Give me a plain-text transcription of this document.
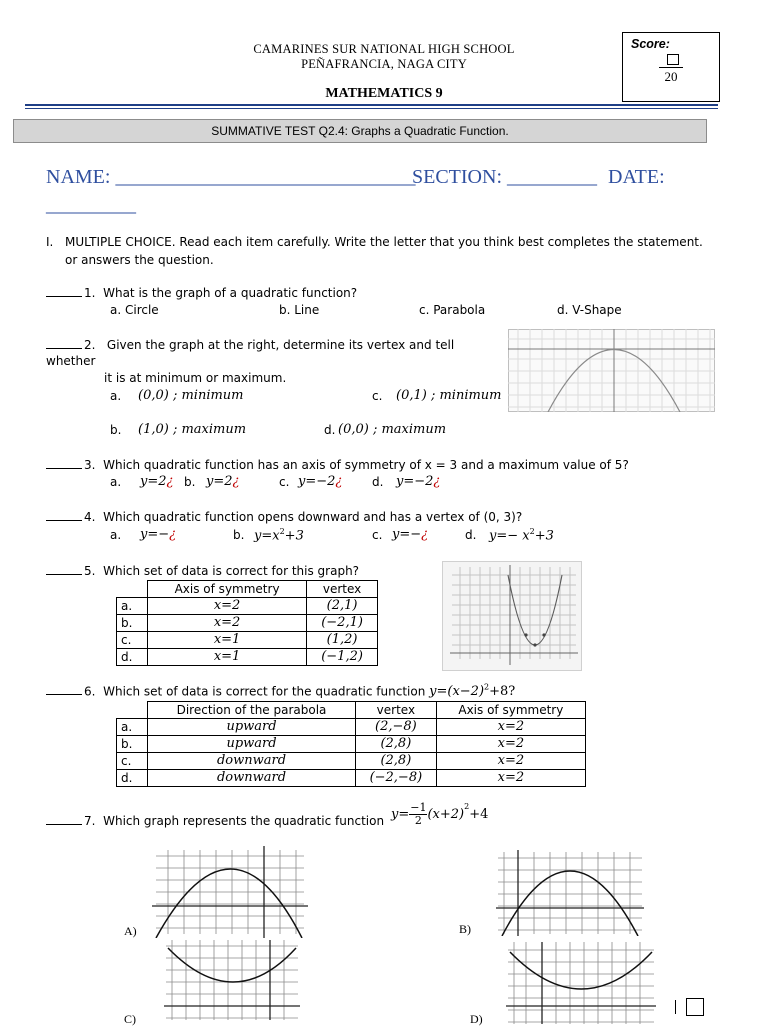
CAMARINES SUR NATIONAL HIGH SCHOOL
PEÑAFRANCIA, NAGA CITY
MATHEMATICS 9
Score:
20
SUMMATIVE TEST Q2.4: Graphs a Quadratic Function.
NAME: ______________________________
SECTION: _________ DATE:
_________
I. MULTIPLE CHOICE. Read each item carefully. Write the letter that you think best completes the statement.
or answers the question.
1. What is the graph of a quadratic function?
a. Circle	b. Line	c. Parabola	d. V-Shape
2. Given the graph at the right, determine its vertex and tell
whether
it is at minimum or maximum.
a. (0,0) ; minimum	c. (0,1) ; minimum
b. (1,0) ; maximum	d. (0,0) ; maximum
3. Which quadratic function has an axis of symmetry of x = 3 and a maximum value of 5?
a. y=2¿ b. y=2¿	c. y=−2¿ d. y=−2¿
4. Which quadratic function opens downward and has a vertex of (0, 3)?
a. y=−¿	b. $y=x^2+3$	c. y=−¿	d. $y=- x^2+3$
5. Which set of data is correct for this graph?
	Axis of symmetry	vertex
a.	x=2	(2,1)
b.	x=2	(−2,1)
c.	x=1	(1,2)
d.	x=1	(−1,2)
6. Which set of data is correct for the quadratic function $y=(x-2)^2+8$?
	Direction of the parabola	vertex	Axis of symmetry
a.	upward	(2,−8)	x=2
b.	upward	(2,8)	x=2
c.	downward	(2,8)	x=2
d.	downward	(−2,−8)	x=2
7. Which graph represents the quadratic function $y= \frac{-1}{2} (x+2)^2+4$
A)	B)
C)	D)
